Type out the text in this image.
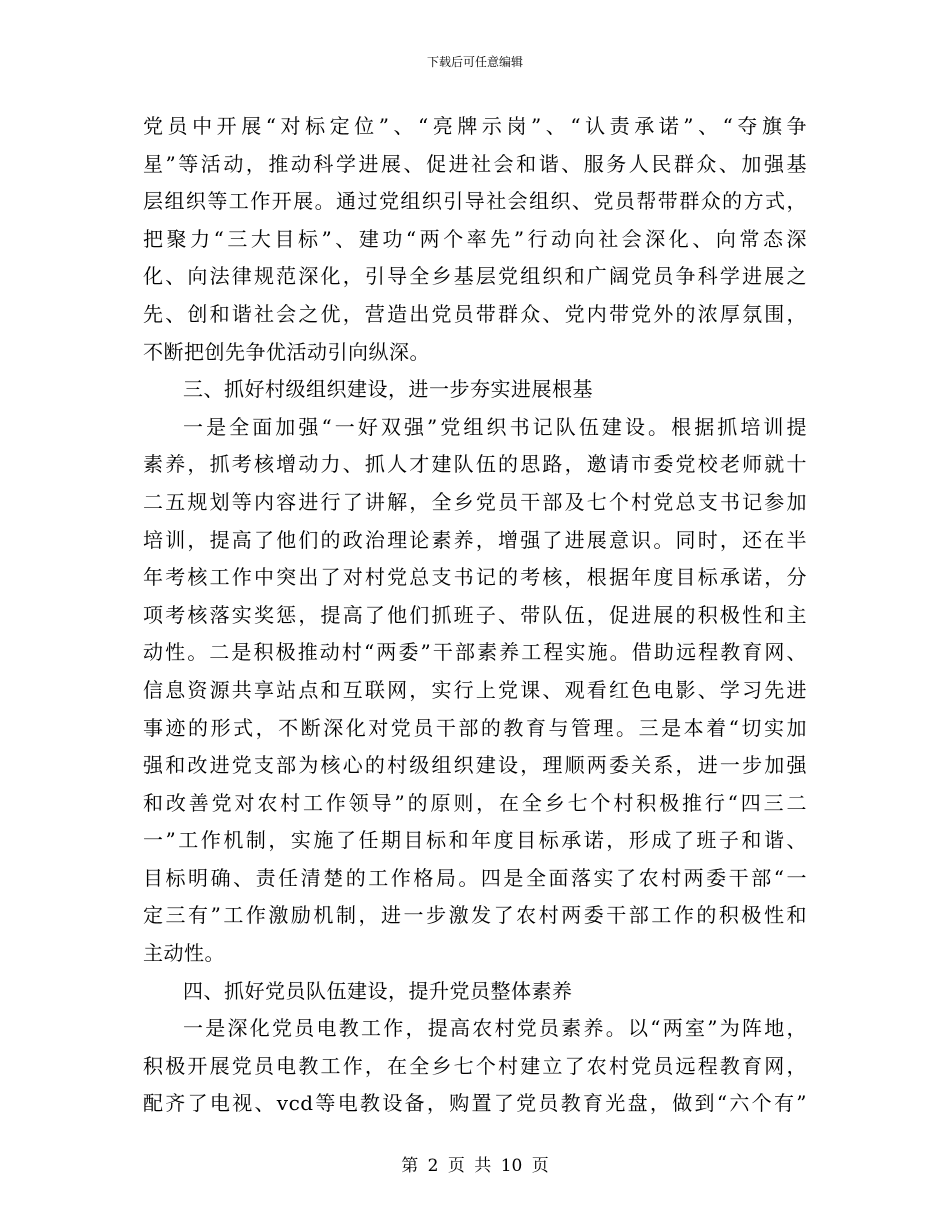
下载后可任意编辑
党员中开展“对标定位”、“亮牌示岗”、“认责承诺”、“夺旗争
星”等活动，推动科学进展、促进社会和谐、服务人民群众、加强基
层组织等工作开展。通过党组织引导社会组织、党员帮带群众的方式，
把聚力“三大目标”、建功“两个率先”行动向社会深化、向常态深
化、向法律规范深化，引导全乡基层党组织和广阔党员争科学进展之
先、创和谐社会之优，营造出党员带群众、党内带党外的浓厚氛围，
不断把创先争优活动引向纵深。
三、抓好村级组织建设，进一步夯实进展根基
一是全面加强“一好双强”党组织书记队伍建设。根据抓培训提
素养，抓考核增动力、抓人才建队伍的思路，邀请市委党校老师就十
二五规划等内容进行了讲解，全乡党员干部及七个村党总支书记参加
培训，提高了他们的政治理论素养，增强了进展意识。同时，还在半
年考核工作中突出了对村党总支书记的考核，根据年度目标承诺，分
项考核落实奖惩，提高了他们抓班子、带队伍，促进展的积极性和主
动性。二是积极推动村“两委”干部素养工程实施。借助远程教育网、
信息资源共享站点和互联网，实行上党课、观看红色电影、学习先进
事迹的形式，不断深化对党员干部的教育与管理。三是本着“切实加
强和改进党支部为核心的村级组织建设，理顺两委关系，进一步加强
和改善党对农村工作领导”的原则，在全乡七个村积极推行“四三二
一”工作机制，实施了任期目标和年度目标承诺，形成了班子和谐、
目标明确、责任清楚的工作格局。四是全面落实了农村两委干部“一
定三有”工作激励机制，进一步激发了农村两委干部工作的积极性和
主动性。
四、抓好党员队伍建设，提升党员整体素养
一是深化党员电教工作，提高农村党员素养。以“两室”为阵地，
积极开展党员电教工作，在全乡七个村建立了农村党员远程教育网，
配齐了电视、vcd等电教设备，购置了党员教育光盘，做到“六个有”
第 2 页 共 10 页
